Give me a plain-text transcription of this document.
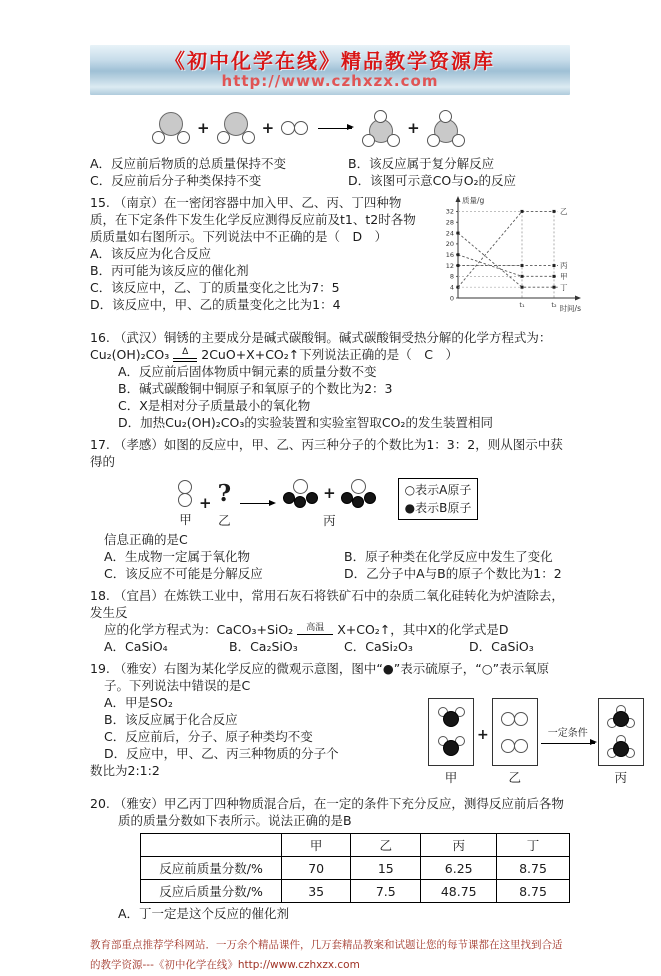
《初中化学在线》精品教学资源库
http://www.czhxzx.com
+	+	+
A．反应前后物质的总质量保持不变	B．该反应属于复分解反应
C．反应前后分子种类保持不变	D．该图可示意CO与O₂的反应
质量/g
时间/s
0
4
8
12
16
20
24
28
32
t₁	t₂
乙
丙
甲
丁

15. （南京）在一密闭容器中加入甲、乙、丙、丁四种物质，在下定条件下发生化学反应测得反应前及t1、t2时各物质质量如右图所示。下列说法中不正确的是（　D　）

A．该反应为化合反应

B．丙可能为该反应的催化剂

C．该反应中，乙、丁的质量变化之比为7：5

D．该反应中，甲、乙的质量变化之比为1：4

16. （武汉）铜锈的主要成分是碱式碳酸铜。碱式碳酸铜受热分解的化学方程式为：

Cu₂(OH)₂CO₃ Δ 2CuO+X+CO₂↑ 下列说法正确的是（　C　）

A．反应前后固体物质中铜元素的质量分数不变

B．碱式碳酸铜中铜原子和氧原子的个数比为2：3

C．X是相对分子质量最小的氧化物

D．加热Cu₂(OH)₂CO₃的实验装置和实验室智取CO₂的发生装置相同

17. （孝感）如图的反应中，甲、乙、丙三种分子的个数比为1：3：2，则从图示中获得的

甲
+ ?
乙
+
丙
○表示A原子
●表示B原子

信息正确的是C

A．生成物一定属于氧化物	B．原子种类在化学反应中发生了变化
C．该反应不可能是分解反应	D．乙分子中A与B的原子个数比为1：2

18. （宜昌）在炼铁工业中，常用石灰石将铁矿石中的杂质二氧化硅转化为炉渣除去，发生反

应的化学方程式为：CaCO₃+SiO₂ 高温 X+CO₂↑，其中X的化学式是D
A．CaSiO₄	B．Ca₂SiO₃	C．CaSi₂O₃	D．CaSiO₃

19. （雅安）右图为某化学反应的微观示意图，图中“●”表示硫原子，“○”表示氧原子。下列说法中错误的是C

甲
+
乙
一定条件
丙

A．甲是SO₂

B．该反应属于化合反应

C．反应前后，分子、原子种类均不变

D．反应中，甲、乙、丙三种物质的分子个

数比为2:1:2

20. （雅安）甲乙丙丁四种物质混合后，在一定的条件下充分反应，测得反应前后各物质的质量分数如下表所示。说法正确的是B

	甲	乙	丙	丁
反应前质量分数/%	70	15	6.25	8.75
反应后质量分数/%	35	7.5	48.75	8.75

A．丁一定是这个反应的催化剂

教育部重点推荐学科网站．一万余个精品课件，几万套精品教案和试题让您的每节课都在这里找到合适的教学资源---《初中化学在线》http://www.czhxzx.com
